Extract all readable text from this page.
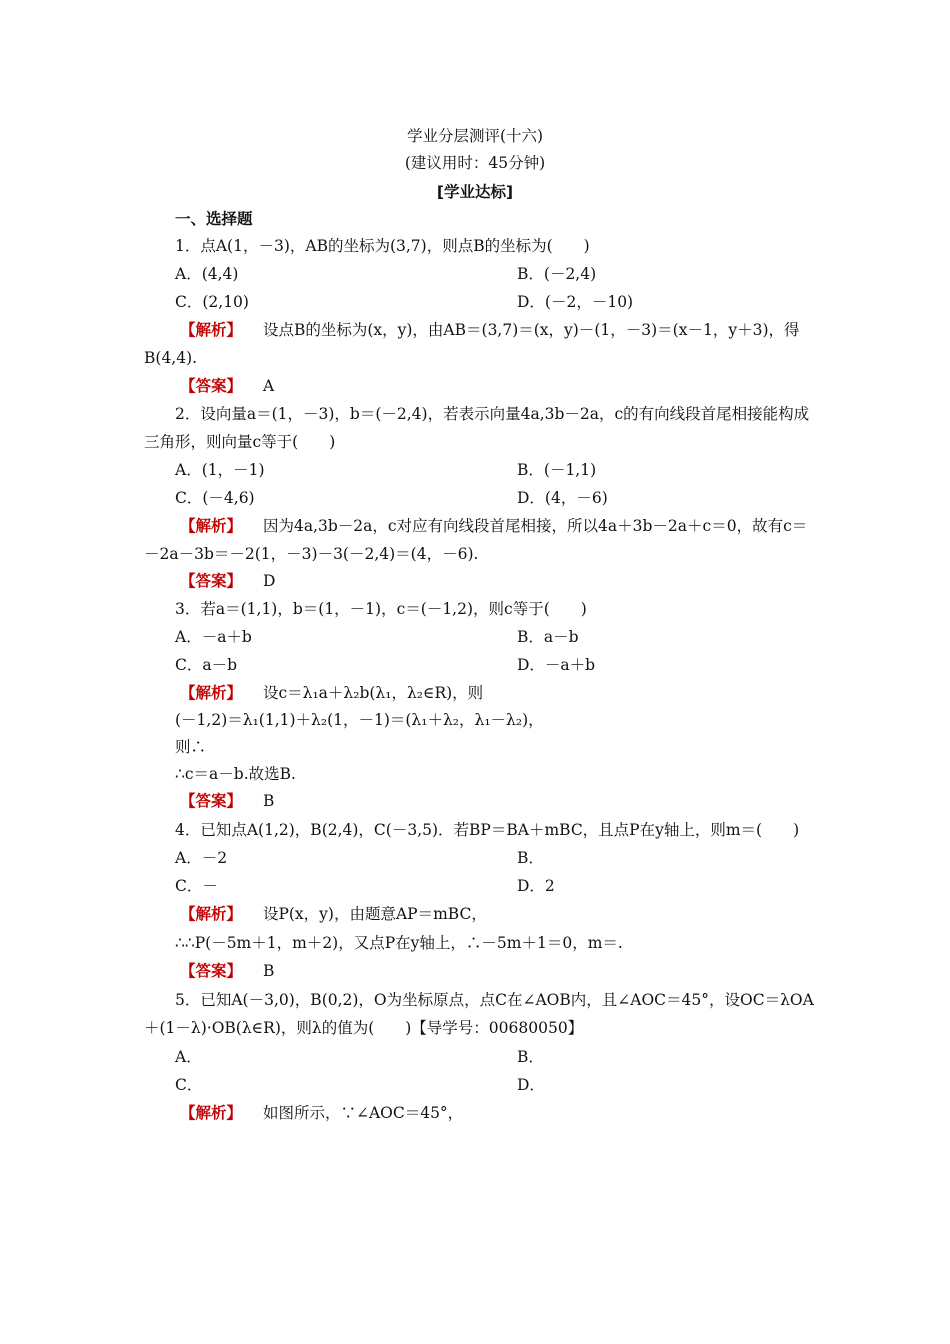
学业分层测评(十六)
(建议用时：45分钟)
[学业达标]
一、选择题
1．点A(1，－3)，AB的坐标为(3,7)，则点B的坐标为(　　)
A．(4,4)	B．(－2,4)
C．(2,10)	D．(－2，－10)
【解析】 设点B的坐标为(x，y)，由AB＝(3,7)＝(x，y)－(1，－3)＝(x－1，y＋3)，得
B(4,4).
【答案】 A
2．设向量a＝(1，－3)，b＝(－2,4)，若表示向量4a,3b－2a，c的有向线段首尾相接能构成
三角形，则向量c等于(　　)
A．(1，－1)	B．(－1,1)
C．(－4,6)	D．(4，－6)
【解析】 因为4a,3b－2a，c对应有向线段首尾相接，所以4a＋3b－2a＋c＝0，故有c＝
－2a－3b＝－2(1，－3)－3(－2,4)＝(4，－6).
【答案】 D
3．若a＝(1,1)，b＝(1，－1)，c＝(－1,2)，则c等于(　　)
A．－a＋b	B．a－b
C．a－b	D．－a＋b
【解析】 设c＝λ₁a＋λ₂b(λ₁，λ₂∈R)，则
(－1,2)＝λ₁(1,1)＋λ₂(1，－1)＝(λ₁＋λ₂，λ₁－λ₂)，
则∴
∴c＝a－b.故选B.
【答案】 B
4．已知点A(1,2)，B(2,4)，C(－3,5)．若BP＝BA＋mBC，且点P在y轴上，则m＝(　　)
A．－2	B．
C．－	D．2
【解析】 设P(x，y)，由题意AP＝mBC，
∴∴P(－5m＋1，m＋2)，又点P在y轴上，∴－5m＋1＝0，m＝.
【答案】 B
5．已知A(－3,0)，B(0,2)，O为坐标原点，点C在∠AOB内，且∠AOC＝45°，设OC＝λOA
＋(1－λ)·OB(λ∈R)，则λ的值为(　　)【导学号：00680050】
A．	B．
C．	D．
【解析】 如图所示，∵∠AOC＝45°，
